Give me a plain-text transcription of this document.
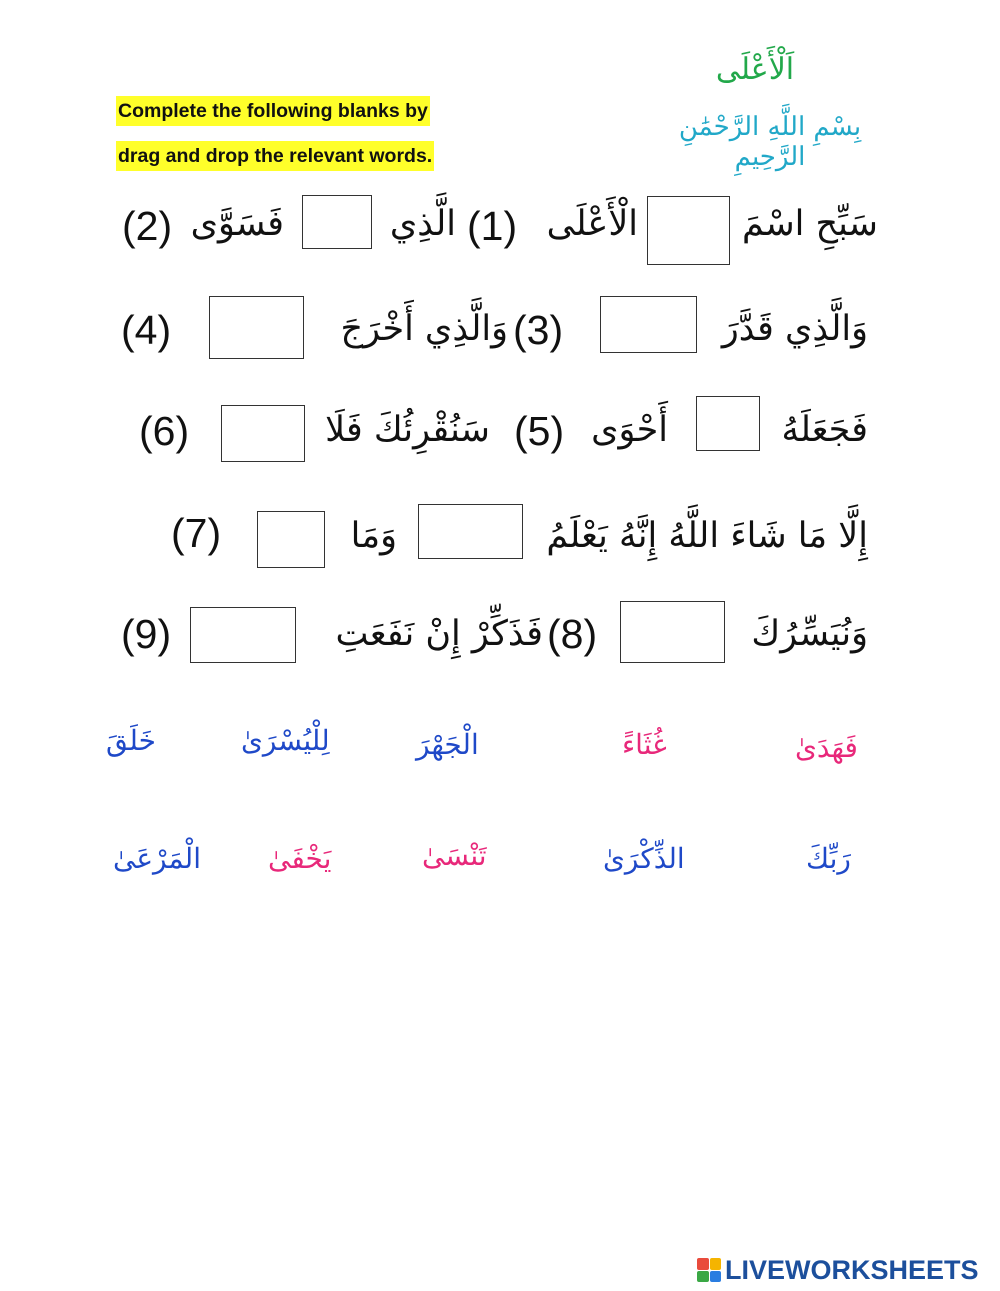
اَلْأَعْلَى
بِسْمِ اللَّهِ الرَّحْمَٰنِ الرَّحِيمِ
Complete the following blanks by
drag and drop the relevant words.
سَبِّحِ اسْمَ
الْأَعْلَى
(1)
الَّذِي
فَسَوَّى
(2)
وَالَّذِي قَدَّرَ
(3)
وَالَّذِي أَخْرَجَ
(4)
فَجَعَلَهُ
أَحْوَى
(5)
سَنُقْرِئُكَ فَلَا
(6)
إِلَّا مَا شَاءَ اللَّهُ إِنَّهُ يَعْلَمُ
وَمَا
(7)
وَنُيَسِّرُكَ
(8)
فَذَكِّرْ إِنْ نَفَعَتِ
(9)
فَهَدَىٰ
غُثَاءً
الْجَهْرَ
لِلْيُسْرَىٰ
خَلَقَ
رَبِّكَ
الذِّكْرَىٰ
تَنْسَىٰ
يَخْفَىٰ
الْمَرْعَىٰ
LIVEWORKSHEETS
